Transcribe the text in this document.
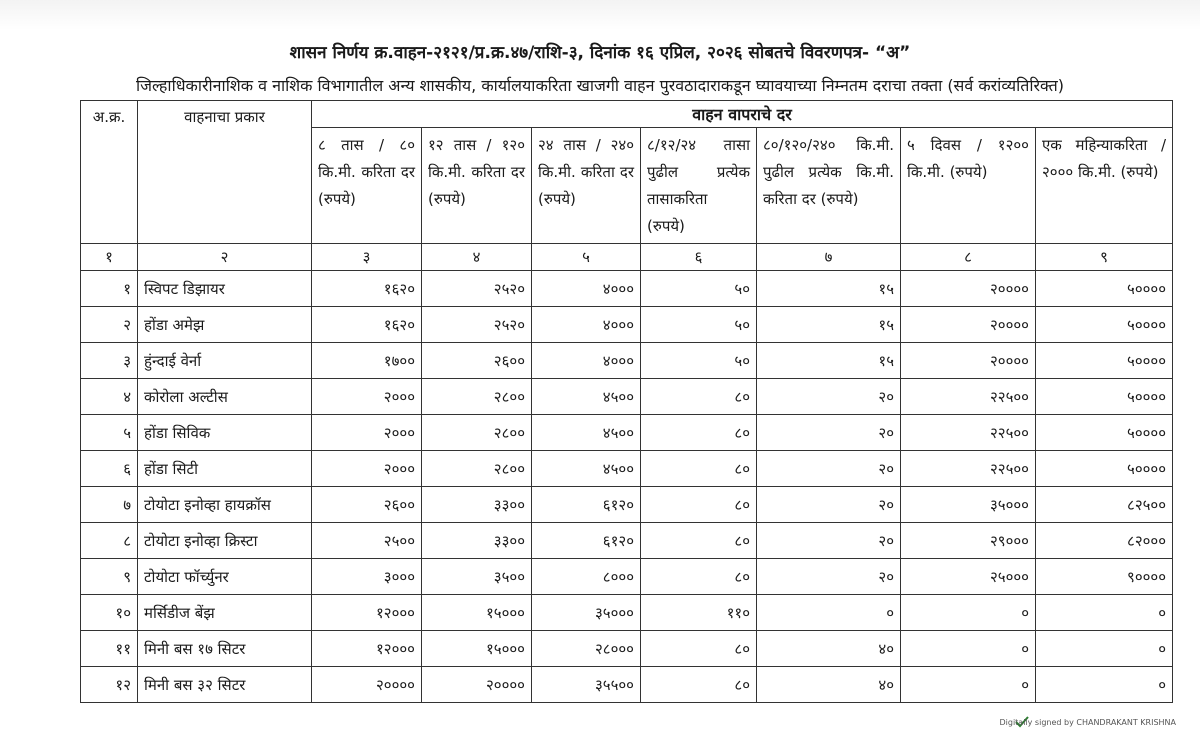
शासन निर्णय क्र.वाहन-२१२१/प्र.क्र.४७/राशि-३, दिनांक १६ एप्रिल, २०२६ सोबतचे विवरणपत्र- “अ”
जिल्हाधिकारीनाशिक व नाशिक विभागातील अन्य शासकीय, कार्यालयाकरिता खाजगी वाहन पुरवठादाराकडून घ्यावयाच्या निम्नतम दराचा तक्ता (सर्व करांव्यतिरिक्त)
अ.क्र.	वाहनाचा प्रकार	वाहन वापराचे दर						
		८ तास / ८० कि.मी. करिता दर (रुपये)	१२ तास / १२० कि.मी. करिता दर (रुपये)	२४ तास / २४० कि.मी. करिता दर (रुपये)	८/१२/२४ तासा पुढील प्रत्येक तासाकरिता (रुपये)	८०/१२०/२४० कि.मी. पुढील प्रत्येक कि.मी. करिता दर (रुपये)	५ दिवस / १२०० कि.मी. (रुपये)	एक महिन्याकरिता / २००० कि.मी. (रुपये)
१	२	३	४	५	६	७	८	९
१	स्विपट डिझायर	१६२०	२५२०	४०००	५०	१५	२००००	५००००
२	होंडा अमेझ	१६२०	२५२०	४०००	५०	१५	२००००	५००००
३	हुंन्दाई वेर्ना	१७००	२६००	४०००	५०	१५	२००००	५००००
४	कोरोला अल्टीस	२०००	२८००	४५००	८०	२०	२२५००	५००००
५	होंडा सिविक	२०००	२८००	४५००	८०	२०	२२५००	५००००
६	होंडा सिटी	२०००	२८००	४५००	८०	२०	२२५००	५००००
७	टोयोटा इनोव्हा हायक्रॉस	२६००	३३००	६१२०	८०	२०	३५०००	८२५००
८	टोयोटा इनोव्हा क्रिस्टा	२५००	३३००	६१२०	८०	२०	२९०००	८२०००
९	टोयोटा फॉर्च्युनर	३०००	३५००	८०००	८०	२०	२५०००	९००००
१०	मर्सिडीज बेंझ	१२०००	१५०००	३५०००	११०	०	०	०
११	मिनी बस १७ सिटर	१२०००	१५०००	२८०००	८०	४०	०	०
१२	मिनी बस ३२ सिटर	२००००	२००००	३५५००	८०	४०	०	०
Digitally signed by CHANDRAKANT KRISHNA
